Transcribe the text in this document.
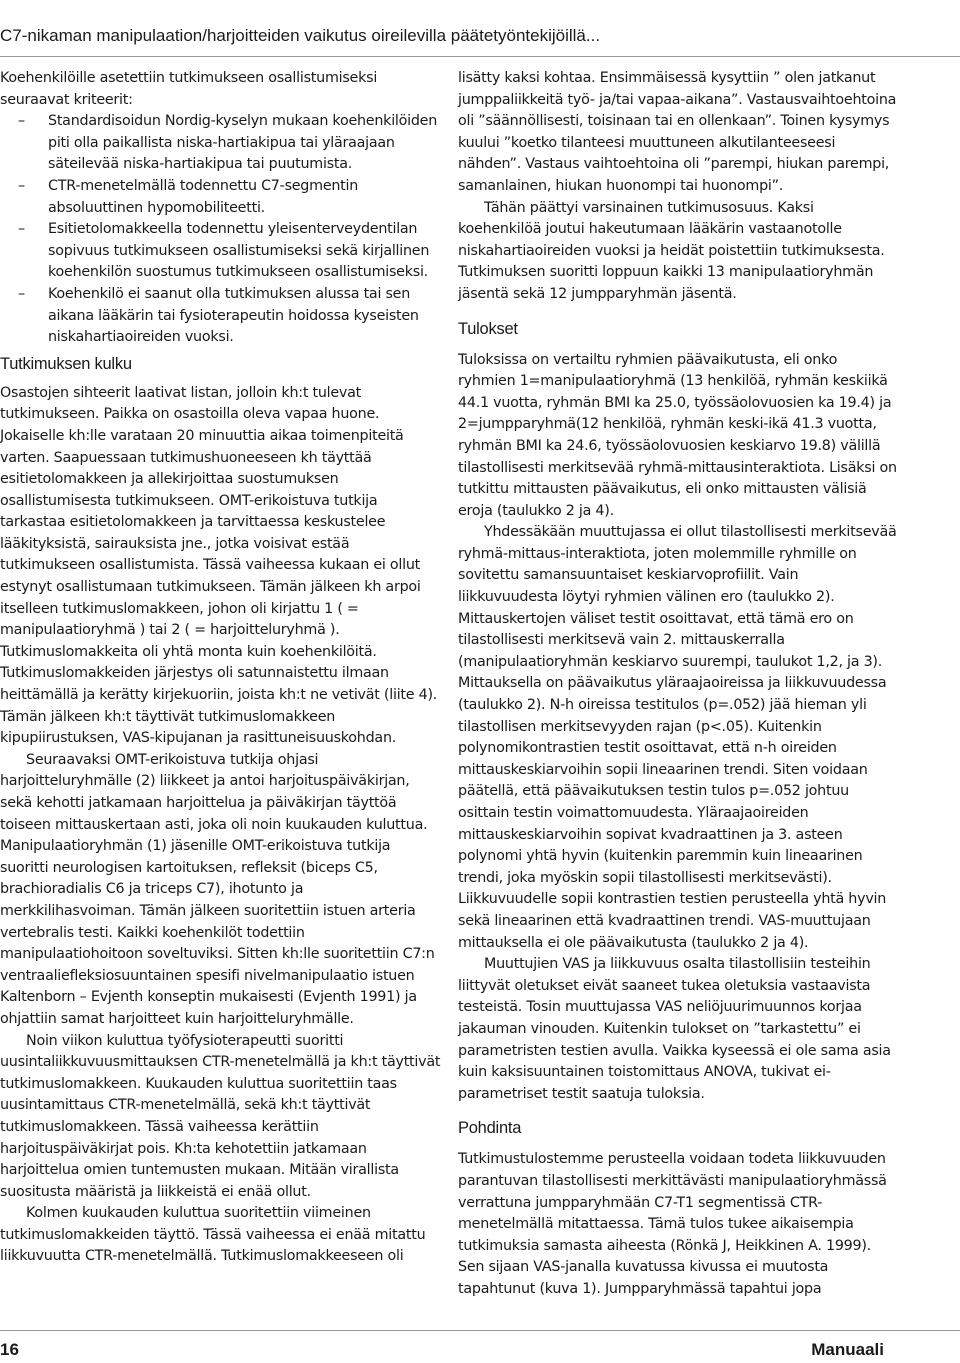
C7-nikaman manipulaation/harjoitteiden vaikutus oireilevilla päätetyöntekijöillä...

Koehenkilöille asetettiin tutkimukseen osallistumiseksi seuraavat kriteerit:

– Standardisoidun Nordig-kyselyn mukaan koehenkilöiden piti olla paikallista niska-hartiakipua tai yläraajaan säteilevää niska-hartiakipua tai puutumista.
– CTR-menetelmällä todennettu C7-segmentin absoluuttinen hypomobiliteetti.
– Esitietolomakkeella todennettu yleisenterveydentilan sopivuus tutkimukseen osallistumiseksi sekä kirjallinen koehenkilön suostumus tutkimukseen osallistumiseksi.
– Koehenkilö ei saanut olla tutkimuksen alussa tai sen aikana lääkärin tai fysioterapeutin hoidossa kyseisten niskahartiaoireiden vuoksi.
Tutkimuksen kulku

Osastojen sihteerit laativat listan, jolloin kh:t tulevat tutkimukseen. Paikka on osastoilla oleva vapaa huone. Jokaiselle kh:lle varataan 20 minuuttia aikaa toimenpiteitä varten. Saapuessaan tutkimushuoneeseen kh täyttää esitietolomakkeen ja allekirjoittaa suostumuksen osallistumisesta tutkimukseen. OMT-erikoistuva tutkija tarkastaa esitietolomakkeen ja tarvittaessa keskustelee lääkityksistä, sairauksista jne., jotka voisivat estää tutkimukseen osallistumista. Tässä vaiheessa kukaan ei ollut estynyt osallistumaan tutkimukseen. Tämän jälkeen kh arpoi itselleen tutkimuslomakkeen, johon oli kirjattu 1 ( = manipulaatioryhmä ) tai 2 ( = harjoitteluryhmä ). Tutkimuslomakkeita oli yhtä monta kuin koehenkilöitä. Tutkimuslomakkeiden järjestys oli satunnaistettu ilmaan heittämällä ja kerätty kirjekuoriin, joista kh:t ne vetivät (liite 4). Tämän jälkeen kh:t täyttivät tutkimuslomakkeen kipupiirustuksen, VAS-kipujanan ja rasittuneisuuskohdan.

Seuraavaksi OMT-erikoistuva tutkija ohjasi harjoitteluryhmälle (2) liikkeet ja antoi harjoituspäiväkirjan, sekä kehotti jatkamaan harjoittelua ja päiväkirjan täyttöä toiseen mittauskertaan asti, joka oli noin kuukauden kuluttua. Manipulaatioryhmän (1) jäsenille OMT-erikoistuva tutkija suoritti neurologisen kartoituksen, refleksit (biceps C5, brachioradialis C6 ja triceps C7), ihotunto ja merkkilihasvoiman. Tämän jälkeen suoritettiin istuen arteria vertebralis testi. Kaikki koehenkilöt todettiin manipulaatiohoitoon soveltuviksi. Sitten kh:lle suoritettiin C7:n ventraaliefleksiosuuntainen spesifi nivelmanipulaatio istuen Kaltenborn – Evjenth konseptin mukaisesti (Evjenth 1991) ja ohjattiin samat harjoitteet kuin harjoitteluryhmälle.

Noin viikon kuluttua työfysioterapeutti suoritti uusintaliikkuvuusmittauksen CTR-menetelmällä ja kh:t täyttivät tutkimuslomakkeen. Kuukauden kuluttua suoritettiin taas uusintamittaus CTR-menetelmällä, sekä kh:t täyttivät tutkimuslomakkeen. Tässä vaiheessa kerättiin harjoituspäiväkirjat pois. Kh:ta kehotettiin jatkamaan harjoittelua omien tuntemusten mukaan. Mitään virallista suositusta määristä ja liikkeistä ei enää ollut.

Kolmen kuukauden kuluttua suoritettiin viimeinen tutkimuslomakkeiden täyttö. Tässä vaiheessa ei enää mitattu liikkuvuutta CTR-menetelmällä. Tutkimuslomakkeeseen oli

lisätty kaksi kohtaa. Ensimmäisessä kysyttiin ” olen jatkanut jumppaliikkeitä työ- ja/tai vapaa-aikana”. Vastausvaihtoehtoina oli ”säännöllisesti, toisinaan tai en ollenkaan”. Toinen kysymys kuului ”koetko tilanteesi muuttuneen alkutilanteeseesi nähden”. Vastaus vaihtoehtoina oli ”parempi, hiukan parempi, samanlainen, hiukan huonompi tai huonompi”.

Tähän päättyi varsinainen tutkimusosuus. Kaksi koehenkilöä joutui hakeutumaan lääkärin vastaanotolle niskahartiaoireiden vuoksi ja heidät poistettiin tutkimuksesta. Tutkimuksen suoritti loppuun kaikki 13 manipulaatioryhmän jäsentä sekä 12 jumpparyhmän jäsentä.

Tulokset

Tuloksissa on vertailtu ryhmien päävaikutusta, eli onko ryhmien 1=manipulaatioryhmä (13 henkilöä, ryhmän keskiikä 44.1 vuotta, ryhmän BMI ka 25.0, työssäolovuosien ka 19.4) ja 2=jumpparyhmä(12 henkilöä, ryhmän keski-ikä 41.3 vuotta, ryhmän BMI ka 24.6, työssäolovuosien keskiarvo 19.8) välillä tilastollisesti merkitsevää ryhmä-mittausinteraktiota. Lisäksi on tutkittu mittausten päävaikutus, eli onko mittausten välisiä eroja (taulukko 2 ja 4).

Yhdessäkään muuttujassa ei ollut tilastollisesti merkitsevää ryhmä-mittaus-interaktiota, joten molemmille ryhmille on sovitettu samansuuntaiset keskiarvoprofiilit. Vain liikkuvuudesta löytyi ryhmien välinen ero (taulukko 2). Mittauskertojen väliset testit osoittavat, että tämä ero on tilastollisesti merkitsevä vain 2. mittauskerralla (manipulaatioryhmän keskiarvo suurempi, taulukot 1,2, ja 3). Mittauksella on päävaikutus yläraajaoireissa ja liikkuvuudessa (taulukko 2). N-h oireissa testitulos (p=.052) jää hieman yli tilastollisen merkitsevyyden rajan (p<.05). Kuitenkin polynomikontrastien testit osoittavat, että n-h oireiden mittauskeskiarvoihin sopii lineaarinen trendi. Siten voidaan päätellä, että päävaikutuksen testin tulos p=.052 johtuu osittain testin voimattomuudesta. Yläraajaoireiden mittauskeskiarvoihin sopivat kvadraattinen ja 3. asteen polynomi yhtä hyvin (kuitenkin paremmin kuin lineaarinen trendi, joka myöskin sopii tilastollisesti merkitsevästi). Liikkuvuudelle sopii kontrastien testien perusteella yhtä hyvin sekä lineaarinen että kvadraattinen trendi. VAS-muuttujaan mittauksella ei ole päävaikutusta (taulukko 2 ja 4).

Muuttujien VAS ja liikkuvuus osalta tilastollisiin testeihin liittyvät oletukset eivät saaneet tukea oletuksia vastaavista testeistä. Tosin muuttujassa VAS neliöjuurimuunnos korjaa jakauman vinouden. Kuitenkin tulokset on ”tarkastettu” ei parametristen testien avulla. Vaikka kyseessä ei ole sama asia kuin kaksisuuntainen toistomittaus ANOVA, tukivat ei-parametriset testit saatuja tuloksia.

Pohdinta

Tutkimustulostemme perusteella voidaan todeta liikkuvuuden parantuvan tilastollisesti merkittävästi manipulaatioryhmässä verrattuna jumpparyhmään C7-T1 segmentissä CTR-menetelmällä mitattaessa. Tämä tulos tukee aikaisempia tutkimuksia samasta aiheesta (Rönkä J, Heikkinen A. 1999). Sen sijaan VAS-janalla kuvatussa kivussa ei muutosta tapahtunut (kuva 1). Jumpparyhmässä tapahtui jopa

16	Manuaali
